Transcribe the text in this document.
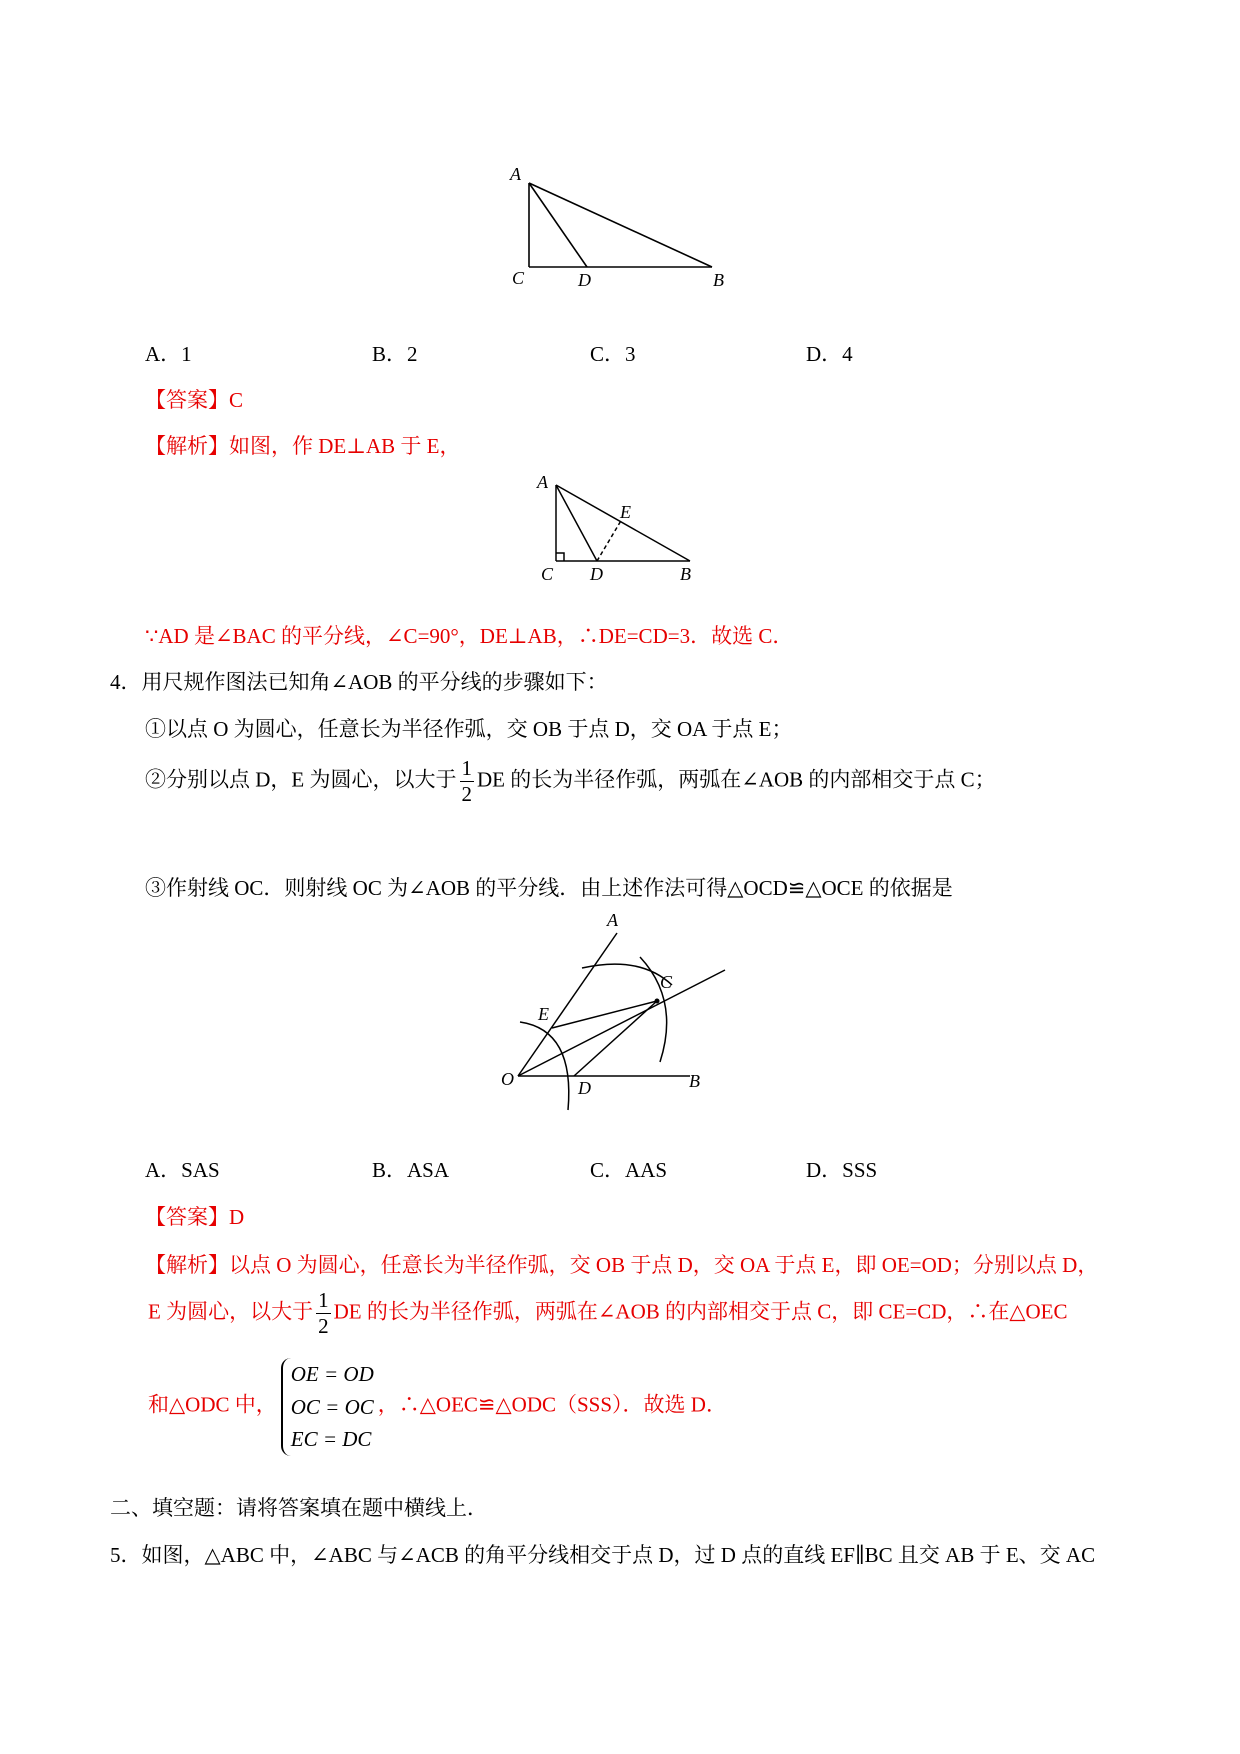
A
C	D	B
A．1	B．2	C．3	D．4
【答案】C
【解析】如图，作 DE⊥AB 于 E，
A
E
C D	B
∵AD 是∠BAC 的平分线，∠C=90°，DE⊥AB，∴DE=CD=3．故选 C．
4．用尺规作图法已知角∠AOB 的平分线的步骤如下：
①以点 O 为圆心，任意长为半径作弧，交 OB 于点 D，交 OA 于点 E；
②分别以点 D，E 为圆心，以大于 $\frac{1}{2}$ DE 的长为半径作弧，两弧在∠AOB 的内部相交于点 C；
③作射线 OC．则射线 OC 为∠AOB 的平分线．由上述作法可得△OCD≌△OCE 的依据是
A
C
E
O	D	B
A．SAS	B．ASA	C．AAS	D．SSS
【答案】D
【解析】以点 O 为圆心，任意长为半径作弧，交 OB 于点 D，交 OA 于点 E，即 OE=OD；分别以点 D，
E 为圆心，以大于 $\frac{1}{2}$ DE 的长为半径作弧，两弧在∠AOB 的内部相交于点 C，即 CE=CD，∴在△OEC
和△ODC 中，
OE = OD
OC = OC
EC = DC
，∴△OEC≌△ODC（SSS）．故选 D．
二、填空题：请将答案填在题中横线上．
5．如图，△ABC 中，∠ABC 与∠ACB 的角平分线相交于点 D，过 D 点的直线 EF∥BC 且交 AB 于 E、交 AC
